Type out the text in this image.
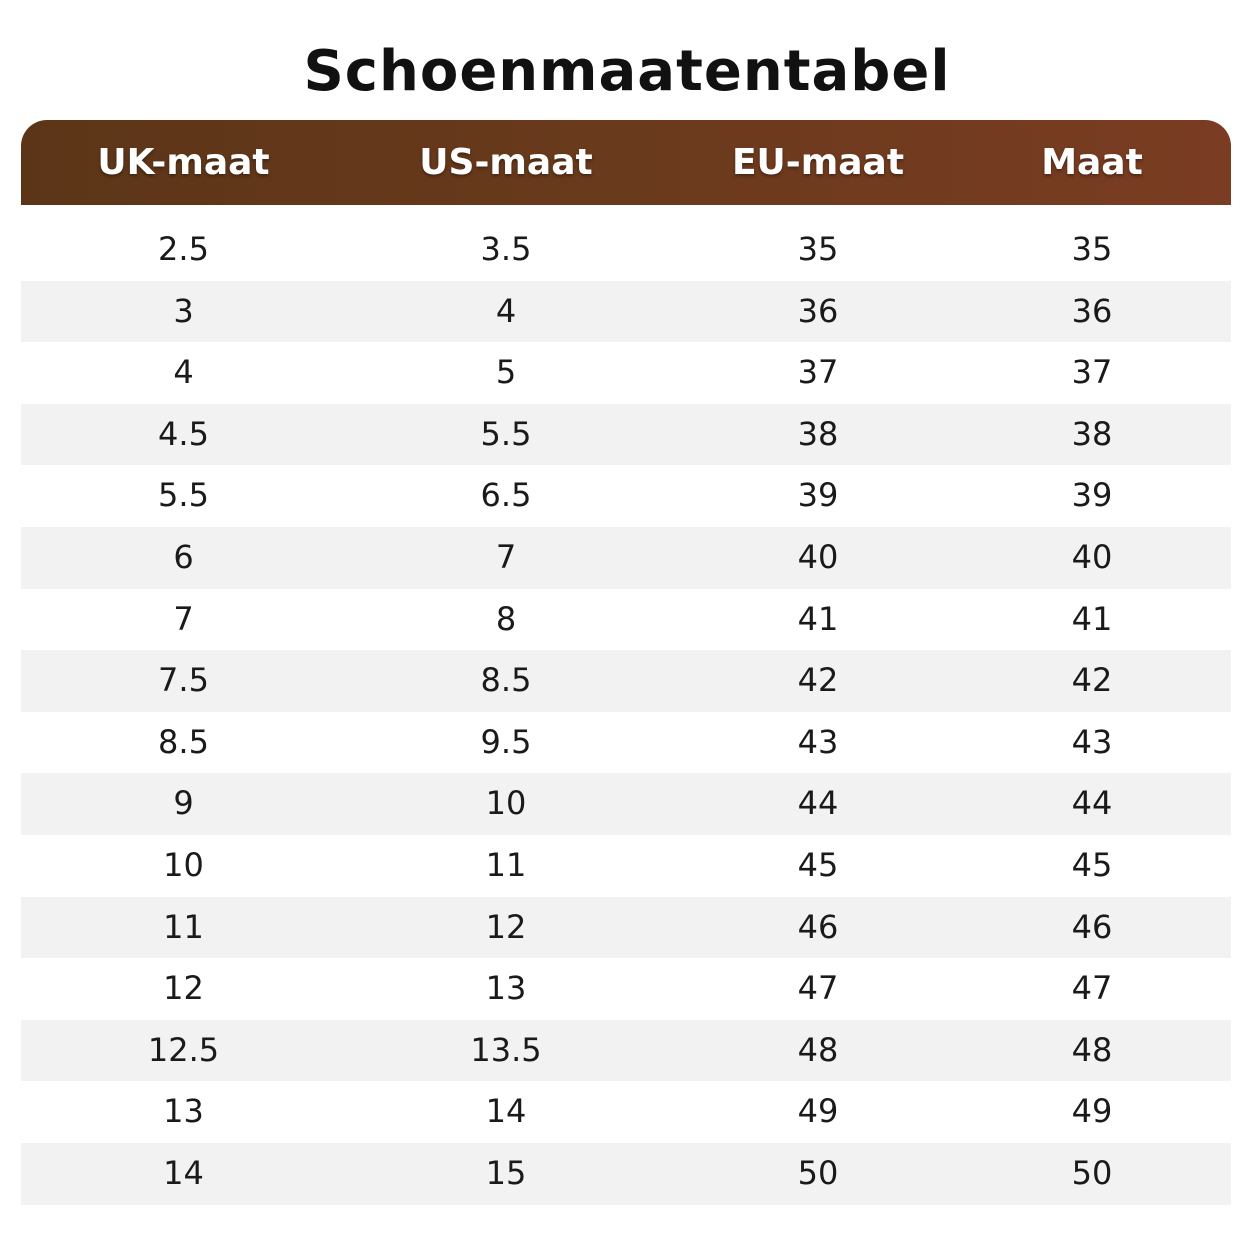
Schoenmaatentabel
UK-maat	US-maat	EU-maat	Maat
2.5	3.5	35	35
3	4	36	36
4	5	37	37
4.5	5.5	38	38
5.5	6.5	39	39
6	7	40	40
7	8	41	41
7.5	8.5	42	42
8.5	9.5	43	43
9	10	44	44
10	11	45	45
11	12	46	46
12	13	47	47
12.5	13.5	48	48
13	14	49	49
14	15	50	50
